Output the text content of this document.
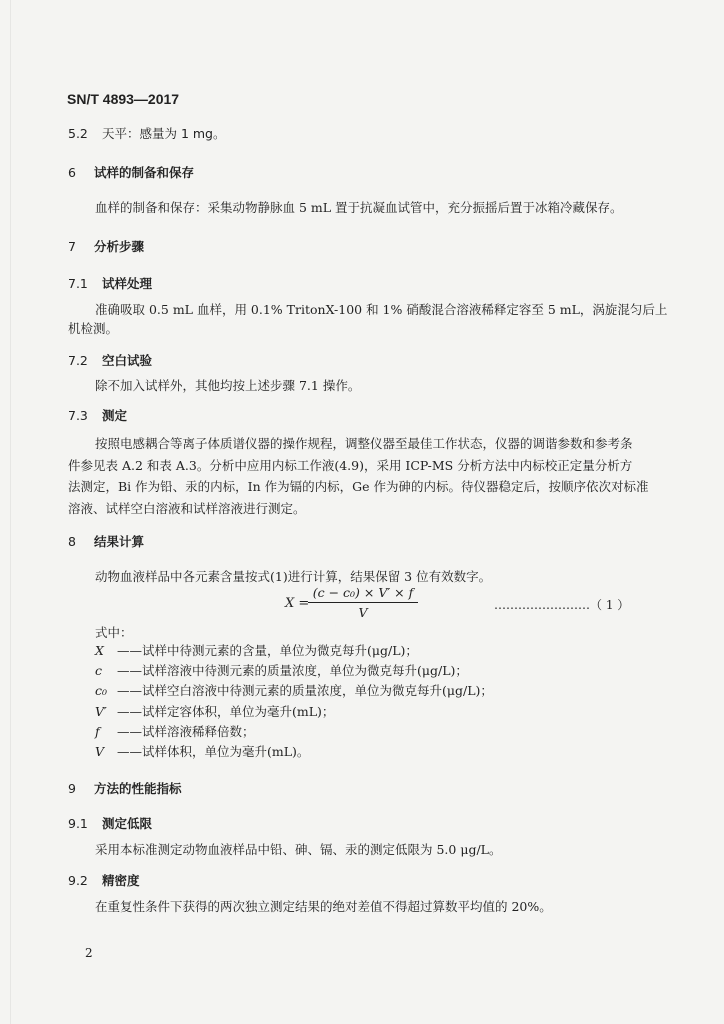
SN/T 4893—2017
5.2 天平：感量为 1 mg。
6 试样的制备和保存
血样的制备和保存：采集动物静脉血 5 mL 置于抗凝血试管中，充分振摇后置于冰箱冷藏保存。
7 分析步骤
7.1 试样处理
准确吸取 0.5 mL 血样，用 0.1% TritonX-100 和 1% 硝酸混合溶液稀释定容至 5 mL，涡旋混匀后上
机检测。
7.2 空白试验
除不加入试样外，其他均按上述步骤 7.1 操作。
7.3 测定
按照电感耦合等离子体质谱仪器的操作规程，调整仪器至最佳工作状态，仪器的调谐参数和参考条
件参见表 A.2 和表 A.3。分析中应用内标工作液(4.9)，采用 ICP-MS 分析方法中内标校正定量分析方
法测定，Bi 作为铅、汞的内标，In 作为镉的内标，Ge 作为砷的内标。待仪器稳定后，按顺序依次对标准
溶液、试样空白溶液和试样溶液进行测定。
8 结果计算
动物血液样品中各元素含量按式(1)进行计算，结果保留 3 位有效数字。
X =
(c − c₀) × V′ × f
V	……………………（ 1 ）
式中：
X ——试样中待测元素的含量，单位为微克每升(μg/L)；
c ——试样溶液中待测元素的质量浓度，单位为微克每升(μg/L)；
c₀ ——试样空白溶液中待测元素的质量浓度，单位为微克每升(μg/L)；
V′ ——试样定容体积，单位为毫升(mL)；
f ——试样溶液稀释倍数；
V ——试样体积，单位为毫升(mL)。
9 方法的性能指标
9.1 测定低限
采用本标准测定动物血液样品中铅、砷、镉、汞的测定低限为 5.0 μg/L。
9.2 精密度
在重复性条件下获得的两次独立测定结果的绝对差值不得超过算数平均值的 20%。
2
